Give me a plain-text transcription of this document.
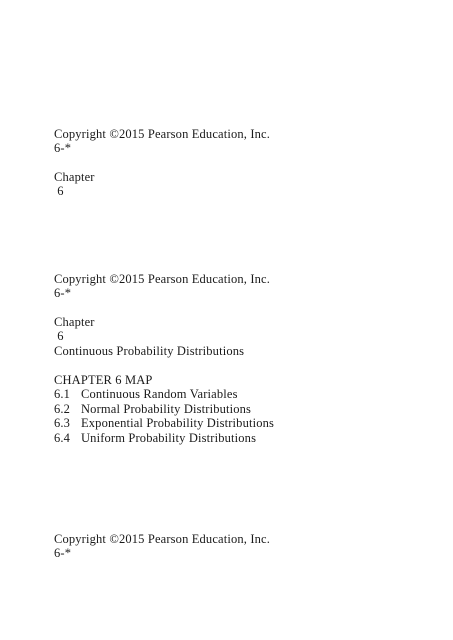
Copyright ©2015 Pearson Education, Inc.
6-*
Chapter
6
Copyright ©2015 Pearson Education, Inc.
6-*
Chapter
6
Continuous Probability Distributions
CHAPTER 6 MAP
6.1 Continuous Random Variables
6.2 Normal Probability Distributions
6.3 Exponential Probability Distributions
6.4 Uniform Probability Distributions
Copyright ©2015 Pearson Education, Inc.
6-*
